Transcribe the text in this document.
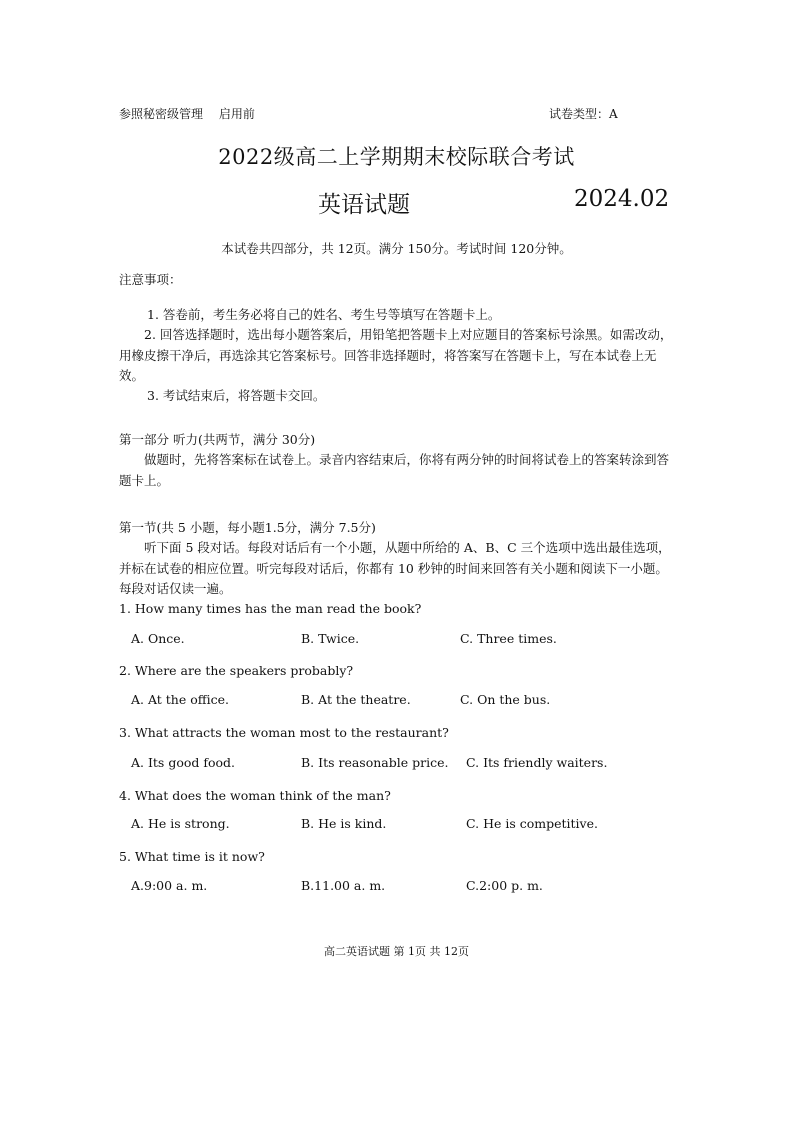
参照秘密级管理　 启用前	试卷类型：A
2022级高二上学期期末校际联合考试
英语试题	2024.02
本试卷共四部分，共 12页。满分 150分。考试时间 120分钟。
注意事项：
1. 答卷前，考生务必将自己的姓名、考生号等填写在答题卡上。
2. 回答选择题时，选出每小题答案后，用铅笔把答题卡上对应题目的答案标号涂黑。如需改动，用橡皮擦干净后，再选涂其它答案标号。回答非选择题时，将答案写在答题卡上，写在本试卷上无效。
3. 考试结束后，将答题卡交回。
第一部分 听力(共两节，满分 30分)
做题时，先将答案标在试卷上。录音内容结束后，你将有两分钟的时间将试卷上的答案转涂到答题卡上。
第一节(共 5 小题，每小题1.5分，满分 7.5分)
听下面 5 段对话。每段对话后有一个小题，从题中所给的 A、B、C 三个选项中选出最佳选项，并标在试卷的相应位置。听完每段对话后，你都有 10 秒钟的时间来回答有关小题和阅读下一小题。每段对话仅读一遍。
1. How many times has the man read the book?
A. Once.	B. Twice.	C. Three times.
2. Where are the speakers probably?
A. At the office.	B. At the theatre.	C. On the bus.
3. What attracts the woman most to the restaurant?
A. Its good food.	B. Its reasonable price. C. Its friendly waiters.
4. What does the woman think of the man?
A. He is strong.	B. He is kind.	C. He is competitive.
5. What time is it now?
A.9:00 a. m.	B.11.00 a. m.	C.2:00 p. m.
高二英语试题 第 1页 共 12页
